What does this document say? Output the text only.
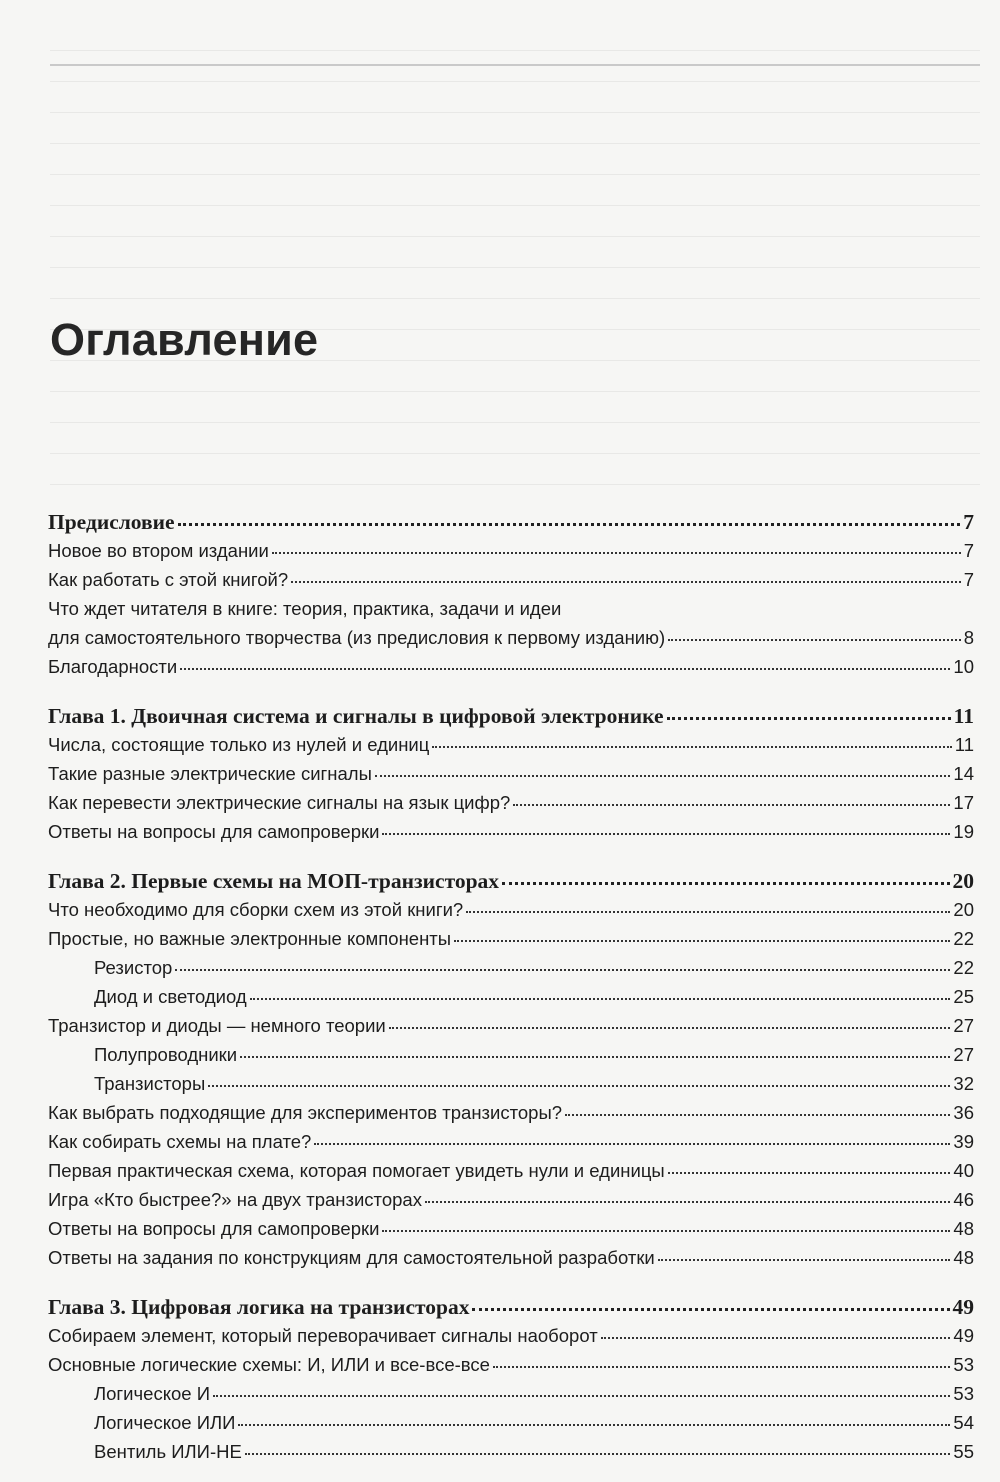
Оглавление
Предисловие	7
Новое во втором издании	7
Как работать с этой книгой?	7
Что ждет читателя в книге: теория, практика, задачи и идеи
для самостоятельного творчества (из предисловия к первому изданию)	8
Благодарности	10
Глава 1. Двоичная система и сигналы в цифровой электронике	11
Числа, состоящие только из нулей и единиц	11
Такие разные электрические сигналы	14
Как перевести электрические сигналы на язык цифр?	17
Ответы на вопросы для самопроверки	19
Глава 2. Первые схемы на МОП-транзисторах	20
Что необходимо для сборки схем из этой книги?	20
Простые, но важные электронные компоненты	22
Резистор	22
Диод и светодиод	25
Транзистор и диоды — немного теории	27
Полупроводники	27
Транзисторы	32
Как выбрать подходящие для экспериментов транзисторы?	36
Как собирать схемы на плате?	39
Первая практическая схема, которая помогает увидеть нули и единицы	40
Игра «Кто быстрее?» на двух транзисторах	46
Ответы на вопросы для самопроверки	48
Ответы на задания по конструкциям для самостоятельной разработки	48
Глава 3. Цифровая логика на транзисторах	49
Собираем элемент, который переворачивает сигналы наоборот	49
Основные логические схемы: И, ИЛИ и все-все-все	53
Логическое И	53
Логическое ИЛИ	54
Вентиль ИЛИ-НЕ	55
